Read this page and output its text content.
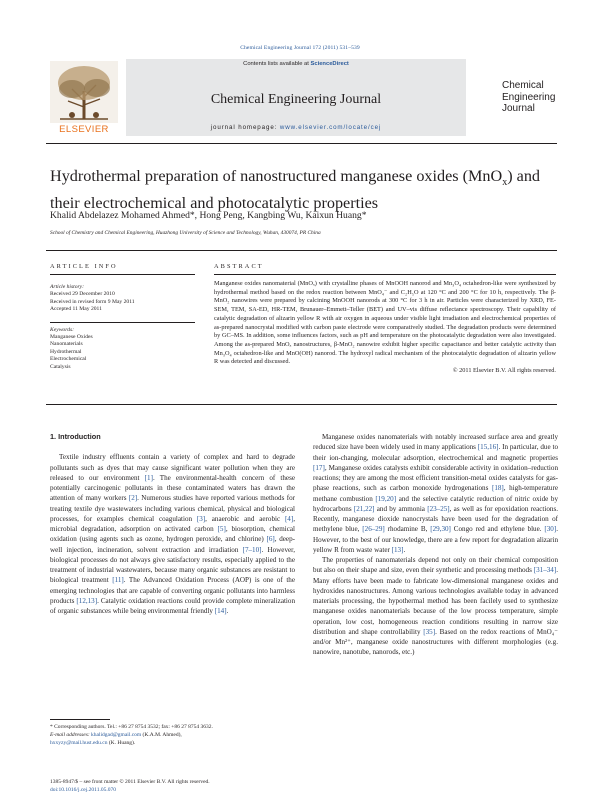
Chemical Engineering Journal 172 (2011) 531–539
ELSEVIER
Contents lists available at ScienceDirect
Chemical Engineering Journal
journal homepage: www.elsevier.com/locate/cej
Chemical
Engineering
Journal
Hydrothermal preparation of nanostructured manganese oxides (MnO$_x$) and
their electrochemical and photocatalytic properties
Khalid Abdelazez Mohamed Ahmed*, Hong Peng, Kangbing Wu, Kaixun Huang*
School of Chemistry and Chemical Engineering, Huazhong University of Science and Technology, Wuhan, 430074, PR China
ARTICLE INFO
Article history:
Received 29 December 2010
Received in revised form 9 May 2011
Accepted 11 May 2011
Keywords:
Manganese Oxides
Nanomaterials
Hydrothermal
Electrochemical
Catalysis
ABSTRACT
Manganese oxides nanomaterial (MnOₓ) with crystalline phases of MnOOH nanorod and Mn₃O₄ octahedron-like were synthesized by hydrothermal method based on the redox reaction between MnO₄⁻ and C₂H₅O at 120 °C and 200 °C for 10 h, respectively. The β-MnO₂ nanowires were prepared by calcining MnOOH nanorods at 300 °C for 3 h in air. Particles were characterized by XRD, FE-SEM, TEM, SA-ED, HR-TEM, Brunauer–Emmett–Teller (BET) and UV–vis diffuse reflectance spectroscopy. Their capability of catalytic degradation of alizarin yellow R with air oxygen in aqueous under visible light irradiation and electrochemical properties of as-prepared nanocrystal modified with carbon paste electrode were comparatively studied. The degradation products were determined by GC–MS. In addition, some influences factors, such as pH and temperature on the photocatalytic degradation were also investigated. Among the as-prepared MnOₓ nanostructures, β-MnO₂ nanowire exhibit higher specific capacitance and better catalytic activity than Mn₃O₄ octahedron-like and MnO(OH) nanorod. The hydroxyl radical mechanism of the photocatalytic degradation of alizarin yellow R was detected and discussed.
© 2011 Elsevier B.V. All rights reserved.
1. Introduction

Textile industry effluents contain a variety of complex and hard to degrade pollutants such as dyes that may cause significant water pollution when they are released to our environment [1]. The environmental-health concern of these potentially carcinogenic pollutants in these contaminated waters has drawn the attention of many workers [2]. Numerous studies have reported various methods for treating textile dye wastewaters including various chemical, physical and biological processes, for examples chemical coagulation [3], anaerobic and aerobic [4], microbial degradation, adsorption on activated carbon [5], biosorption, chemical oxidation (using agents such as ozone, hydrogen peroxide, and chlorine) [6], deep-well injection, incineration, solvent extraction and irradiation [7–10]. However, biological processes do not always give satisfactory results, especially applied to the treatment of industrial wastewaters, because many organic substances are resistant to biological treatment [11]. The Advanced Oxidation Process (AOP) is one of the emerging technologies that are capable of converting organic pollutants into harmless products [12,13]. Catalytic oxidation reactions could provide complete mineralization of organic substances while being environmental friendly [14].

Manganese oxides nanomaterials with notably increased surface area and greatly reduced size have been widely used in many applications [15,16]. In particular, due to their ion-changing, molecular adsorption, electrochemical and magnetic properties [17], Manganese oxides catalysts exhibit considerable activity in oxidation–reduction reactions; they are among the most efficient transition-metal oxides catalysts for gas-phase reactions, such as carbon monoxide hydrogenations [18], high-temperature methane combustion [19,20] and the selective catalytic reduction of nitric oxide by hydrocarbons [21,22] and by ammonia [23–25], as well as for epoxidation reactions. Recently, manganese dioxide nanocrystals have been used for the degradation of methylene blue, [26–29] rhodamine B, [29,30] Congo red and ethylene blue. [30]. However, to the best of our knowledge, there are a few report for degradation alizarin yellow R from waste water [13].

The properties of nanomaterials depend not only on their chemical composition but also on their shape and size, even their synthetic and processing methods [31–34]. Many efforts have been made to fabricate low-dimensional manganese oxides and hydroxides nanostructures. Among various technologies available today in advanced materials processing, the hypothermal method has been facilely used to synthesize manganese oxides nanomaterials because of the low process temperature, simple operation, low cost, homogeneous reaction conditions resulting in narrow size distribution and shape controllability [35]. Based on the redox reactions of MnO₄⁻ and/or Mn²⁺, manganese oxide nanostructures with different morphologies (e.g. nanowire, nanotube, nanorods, etc.)

* Corresponding authors. Tel.: +86 27 8754 3532; fax: +86 27 8754 3632.
E-mail addresses: khalidgad@gmail.com (K.A.M. Ahmed),
hxxyzy@mail.hust.edu.cn (K. Huang).
1385-8947/$ – see front matter © 2011 Elsevier B.V. All rights reserved.
doi:10.1016/j.cej.2011.05.070
